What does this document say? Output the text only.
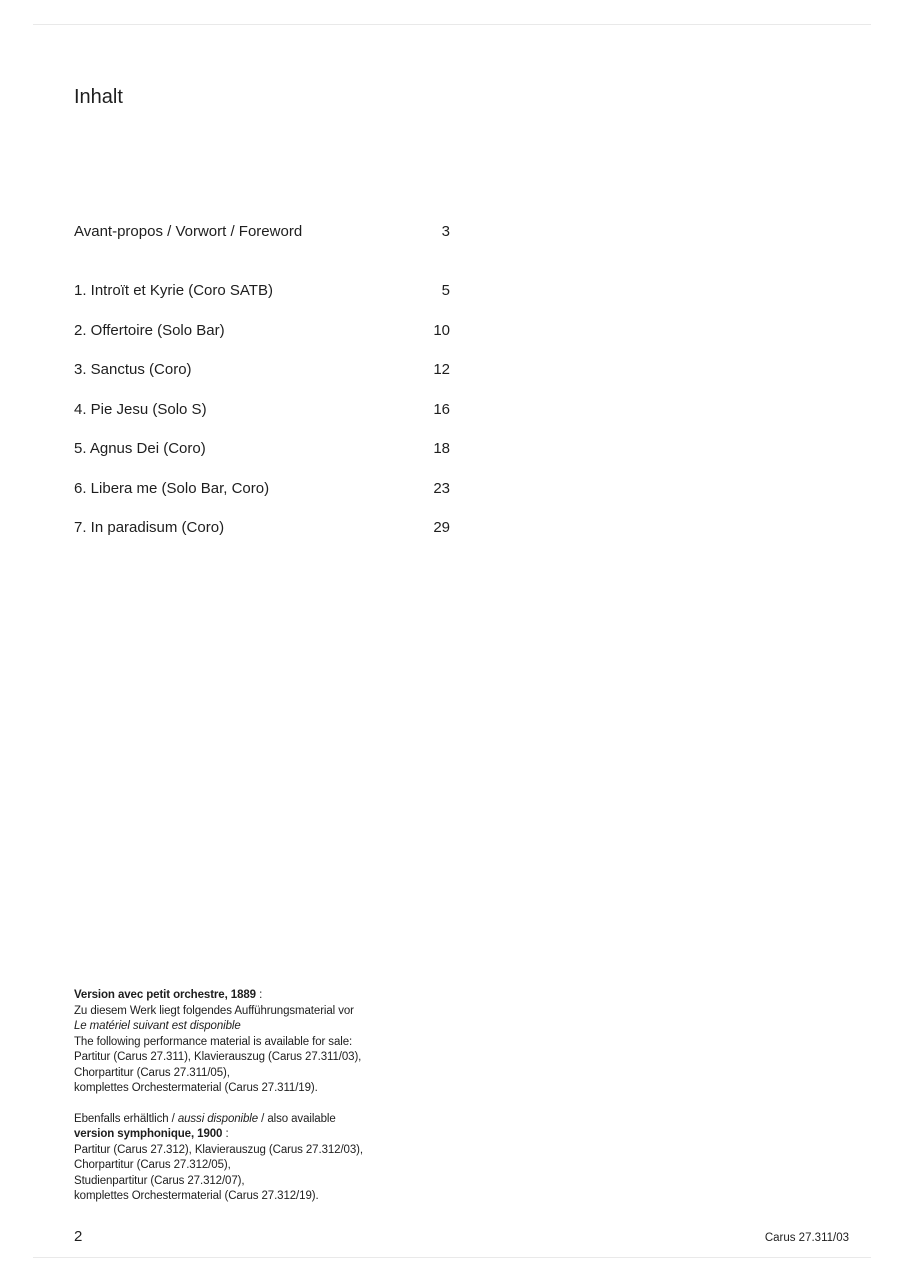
Inhalt
Avant-propos / Vorwort / Foreword	3
1. Introït et Kyrie (Coro SATB)	5
2. Offertoire (Solo Bar)	10
3. Sanctus (Coro)	12
4. Pie Jesu (Solo S)	16
5. Agnus Dei (Coro)	18
6. Libera me (Solo Bar, Coro)	23
7. In paradisum (Coro)	29

Version avec petit orchestre, 1889 :
Zu diesem Werk liegt folgendes Aufführungsmaterial vor
Le matériel suivant est disponible
The following performance material is available for sale:
Partitur (Carus 27.311), Klavierauszug (Carus 27.311/03),
Chorpartitur (Carus 27.311/05),
komplettes Orchestermaterial (Carus 27.311/19).

Ebenfalls erhältlich / aussi disponible / also available
version symphonique, 1900 :
Partitur (Carus 27.312), Klavierauszug (Carus 27.312/03),
Chorpartitur (Carus 27.312/05),
Studienpartitur (Carus 27.312/07),
komplettes Orchestermaterial (Carus 27.312/19).

2	Carus 27.311/03
